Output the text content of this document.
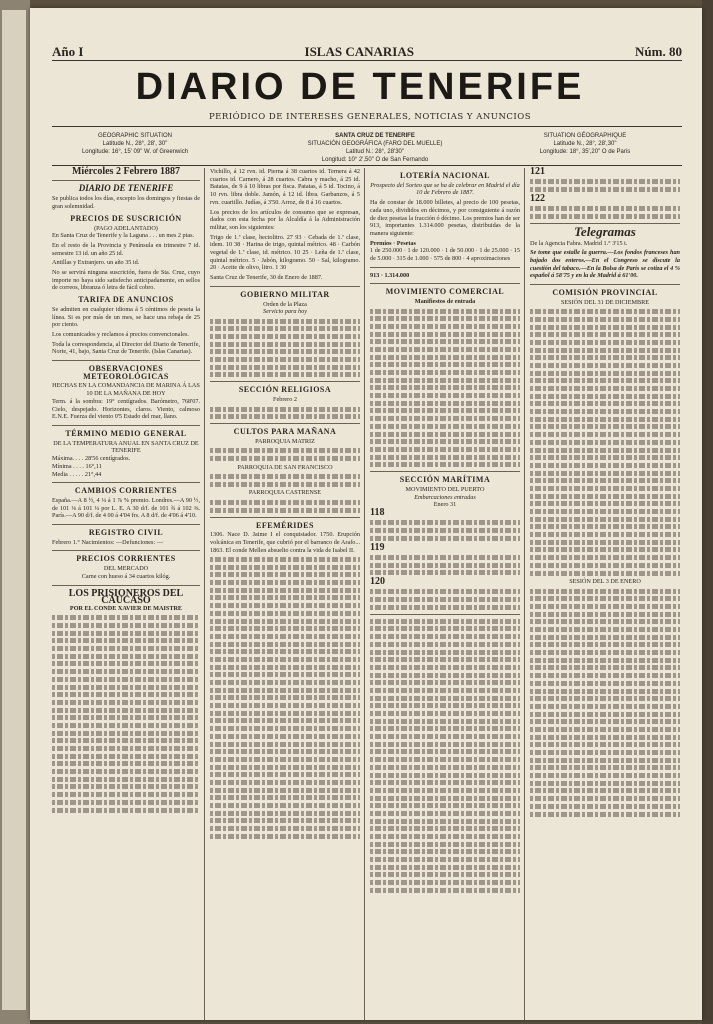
Año I	ISLAS CANARIAS	Núm. 80
DIARIO DE TENERIFE
PERIÓDICO DE INTERESES GENERALES, NOTICIAS Y ANUNCIOS
GEOGRAPHIC SITUATION
Latitude N., 28°, 28', 30"
Longitude: 16°, 15' 09" W. of Greenwich
SANTA CRUZ DE TENERIFE
SITUACIÓN GEOGRÁFICA (FARO DEL MUELLE)
Latitud N.: 28°, 28'30"
Longitud: 10° 2',50" O de San Fernando
SITUATION GÉOGRAPHIQUE
Latitude N., 28°, 28',30"
Longitude: 18°, 35',20" O de Paris
Miércoles 2 Febrero 1887
DIARIO DE TENERIFE

Se publica todos los días, excepto los domingos y fiestas de gran solemnidad.

PRECIOS DE SUSCRICIÓN
(PAGO ADELANTADO)

En Santa Cruz de Tenerife y la Laguna . . . un mes 2 ptas.

En el resto de la Provincia y Península en trimestre 7 id. semestre 13 id. un año 25 id.

Antillas y Extranjero. un año 35 id.

No se servirá ninguna suscrición, fuera de Sta. Cruz, cuyo importe no haya sido satisfecho anticipadamente, en sellos de correos, libranza ó letra de fácil cobro.

TARIFA DE ANUNCIOS

Se admiten en cualquier idioma á 5 céntimos de peseta la línea. Si es por más de un mes, se hace una rebaja de 25 por ciento.

Los comunicados y reclamos á precios convencionales.

Toda la correspondencia, al Director del Diario de Tenerife, Norte, 41, bajo, Santa Cruz de Tenerife. (Islas Canarias).

OBSERVACIONES METEOROLÓGICAS
HECHAS EN LA COMANDANCIA DE MARINA Á LAS 10 DE LA MAÑANA DE HOY

Term. á la sombra: 19° centígrados. Barómetro, 768'07. Cielo, despejado. Horizontes, claros. Viento, calmoso E.N.E. Fuerza del viento 0'5 Estado del mar, llano.

TÉRMINO MEDIO GENERAL
DE LA TEMPERATURA ANUAL EN SANTA CRUZ DE TENERIFE
Máxima. . . . 28'56 centígrados.
Mínima . . . . 16°,11
Media . . . . . 21°,44
CAMBIOS CORRIENTES

España.—A 8 ½, 4 ¼ á 1 ⅞ % premio. Londres.—A 90 ½, de 101 ⅛ á 101 ¼ por L. E. A 30 d/f. de 101 ¾ á 102 ⅜. París.—A 90 d/f. de 4 00 á 4'04 frs. A 8 d/f. de 4'06 á 4'10.

REGISTRO CIVIL

Febrero 1.° Nacimientos: —Defunciones: —

PRECIOS CORRIENTES
DEL MERCADO

Carne con hueso á 34 cuartos kilóg.

LOS PRISIONEROS DEL CÁUCASO
POR EL CONDE XAVIER DE MAISTRE

Vichillo, á 12 rvn. id. Pierna á 38 cuartos id. Ternera á 42 cuartos id. Carnero, á 28 cuartos. Cabra y macho, á 25 id. Batatas, de 9 á 10 libras por fisca. Patatas, á 5 id. Tocino, á 10 rvn. libra doble. Jamón, á 12 id. libra. Garbanzos, á 5 rvn. cuartillo. Judías, á 3'50. Arroz, de 8 á 16 cuartos.

Los precios de los artículos de consumo que se expresan, dados con esta fecha por la Alcaldía á la Administración militar, son los siguientes:

Trigo de 1.ª clase, hectolitro. 27 93 · Cebada de 1.ª clase, idem. 10 38 · Harina de trigo, quintal métrico. 48 · Carbón vegetal de 1.ª clase, id. métrico. 10 25 · Leña de 1.ª clase, quintal métrico. 5 · Jabón, kilogramo. 50 · Sal, kilogramo. 20 · Aceite de olivo, litro. 1 30

Santa Cruz de Tenerife, 30 de Enero de 1887.

GOBIERNO MILITAR
Orden de la Plaza
Servicio para hoy
SECCIÓN RELIGIOSA
Febrero 2
CULTOS PARA MAÑANA
PARROQUIA MATRIZ
PARROQUIA DE SAN FRANCISCO
PARROQUIA CASTRENSE
EFEMÉRIDES

1306. Nace D. Jaime I el conquistador. 1750. Erupción volcánica en Tenerife, que cubrió por el barranco de Arafo... 1863. El conde Mellen absuelto contra la vida de Isabel II.

LOTERÍA NACIONAL

Prospecto del Sorteo que se ha de celebrar en Madrid el día 10 de Febrero de 1887.

Ha de constar de 18.000 billetes, al precio de 100 pesetas, cada uno, divididos en décimos, y por consiguiente á razón de diez pesetas la fracción ó décimo. Los premios han de ser 913, importantes 1.314.000 pesetas, distribuidas de la manera siguiente:

Premios · Pesetas

1 de 250.000 · 1 de 120.000 · 1 de 50.000 · 1 de 25.000 · 15 de 5.000 · 315 de 1.000 · 575 de 800 · 4 aproximaciones

913 · 1.314.000
MOVIMIENTO COMERCIAL
Manifiestos de entrada
SECCIÓN MARÍTIMA
MOVIMIENTO DEL PUERTO
Embarcaciones entradas
Enero 31
118
119
120
121
122
Telegramas

De la Agencia Fabra. Madrid 1.° 3'15 t.

Se tome que estalle la guerra.—Los fondos franceses han bajado dos enteros.—En el Congreso se discute la cuestión del tabaco.—En la Bolsa de París se cotiza el 4 % español á 58'75 y en la de Madrid á 61'00.

COMISIÓN PROVINCIAL
SESIÓN DEL 31 DE DICIEMBRE
SESIÓN DEL 3 DE ENERO
